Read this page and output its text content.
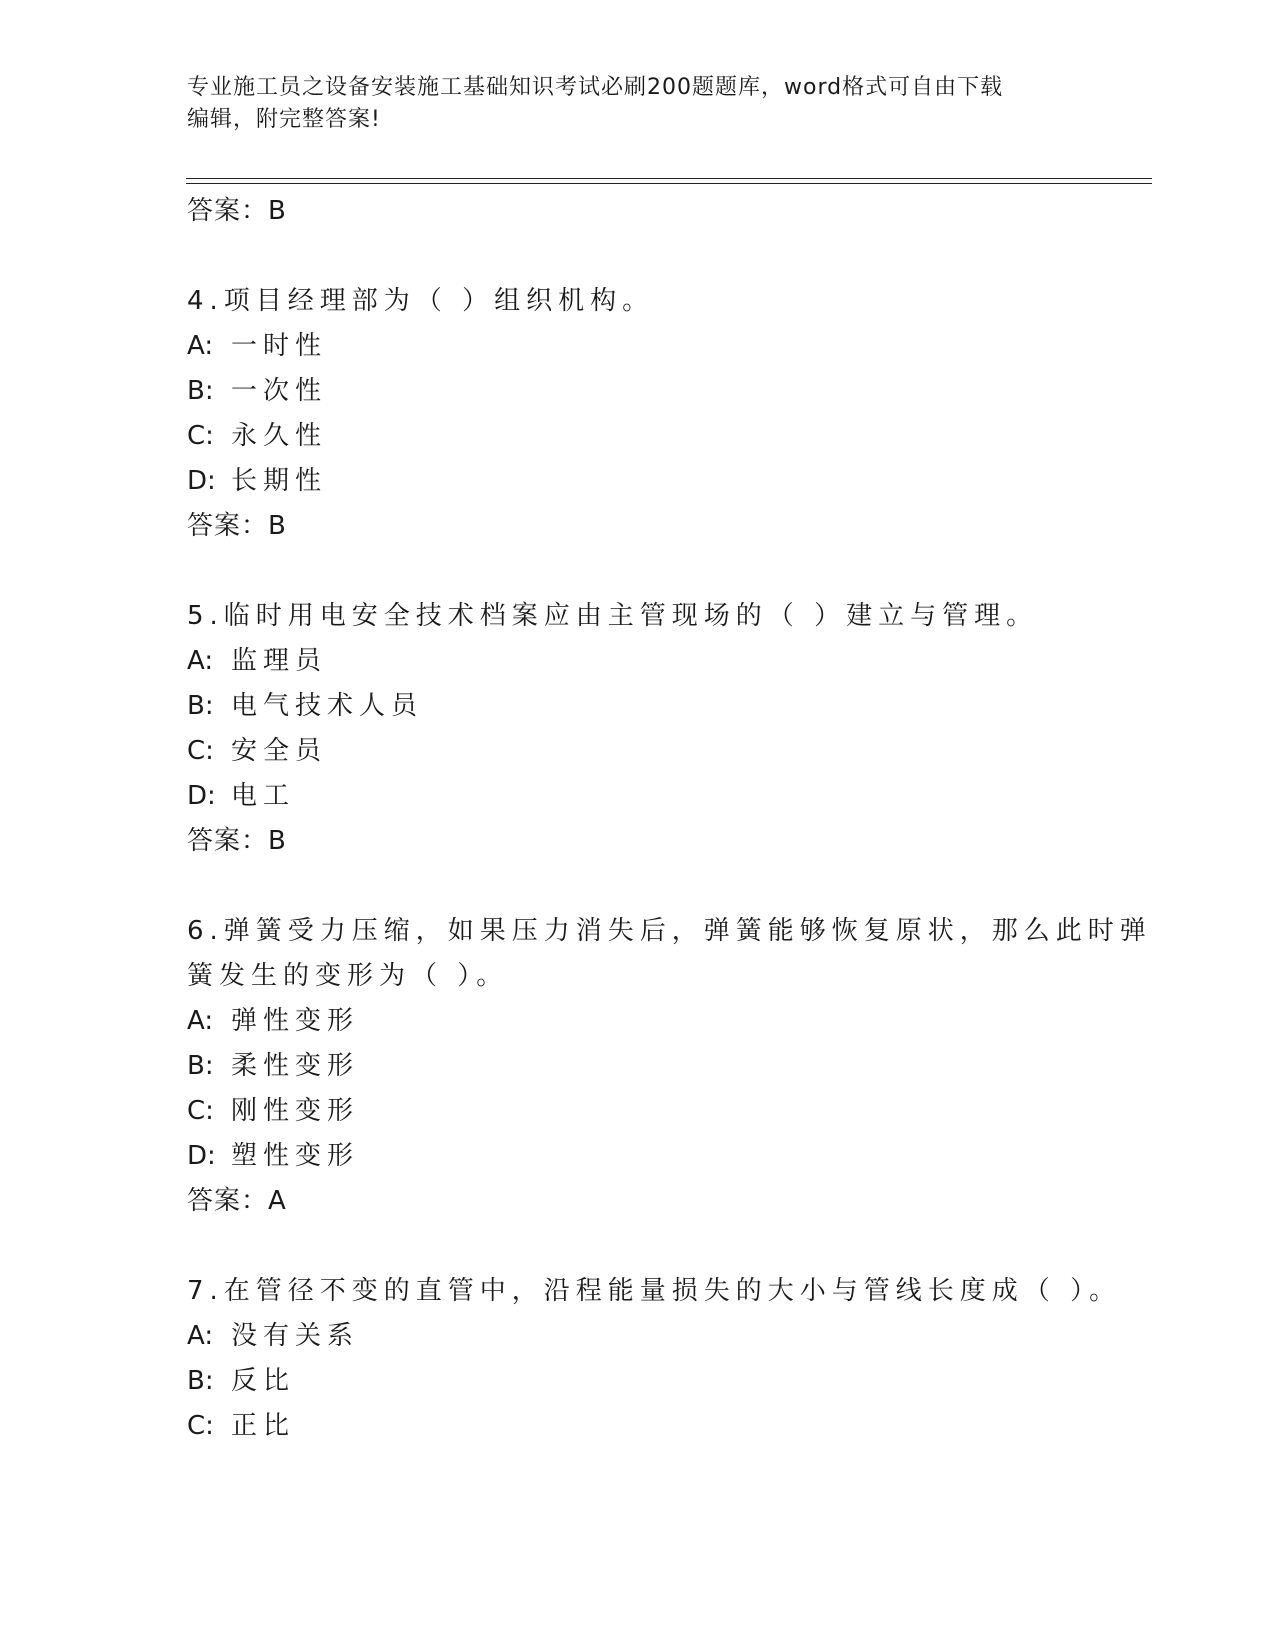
专业施工员之设备安装施工基础知识考试必刷200题题库，word格式可自由下载
编辑，附完整答案!
答案：B
4.项目经理部为（ ）组织机构。
A: 一时性
B: 一次性
C: 永久性
D: 长期性
答案：B
5.临时用电安全技术档案应由主管现场的（ ）建立与管理。
A: 监理员
B: 电气技术人员
C: 安全员
D: 电工
答案：B
6.弹簧受力压缩，如果压力消失后，弹簧能够恢复原状，那么此时弹
簧发生的变形为（ ）。
A: 弹性变形
B: 柔性变形
C: 刚性变形
D: 塑性变形
答案：A
7.在管径不变的直管中，沿程能量损失的大小与管线长度成（ ）。
A: 没有关系
B: 反比
C: 正比
